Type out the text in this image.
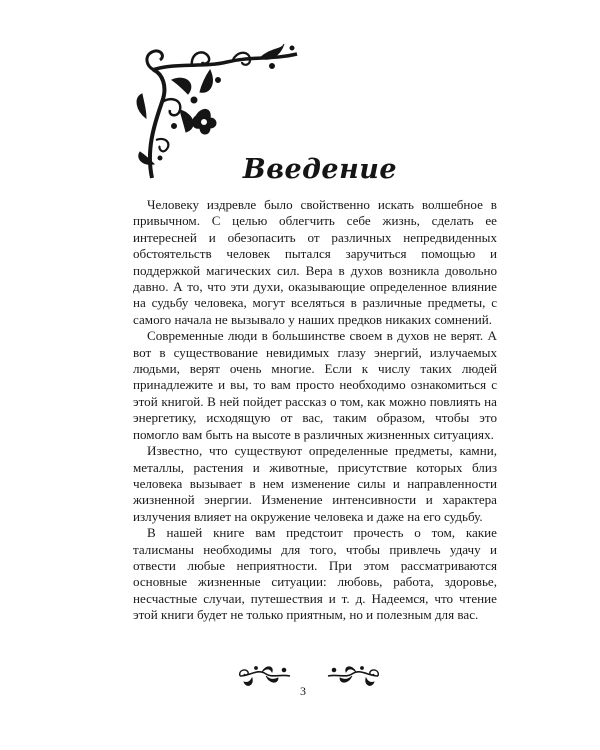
Введение

Человеку издревле было свойственно искать волшебное в привычном. С целью облегчить себе жизнь, сделать ее интересней и обезопасить от различных непредвиденных обстоятельств человек пытался заручиться помощью и поддержкой магических сил. Вера в духов возникла довольно давно. А то, что эти духи, оказывающие определенное влияние на судьбу человека, могут вселяться в различные предметы, с самого начала не вызывало у наших предков никаких сомнений.

Современные люди в большинстве своем в духов не верят. А вот в существование невидимых глазу энергий, излучаемых людьми, верят очень многие. Если к числу таких людей принадлежите и вы, то вам просто необходимо ознакомиться с этой книгой. В ней пойдет рассказ о том, как можно повлиять на энергетику, исходящую от вас, таким образом, чтобы это помогло вам быть на высоте в различных жизненных ситуациях.

Известно, что существуют определенные предметы, камни, металлы, растения и животные, присутствие которых близ человека вызывает в нем изменение силы и направленности жизненной энергии. Изменение интенсивности и характера излучения влияет на окружение человека и даже на его судьбу.

В нашей книге вам предстоит прочесть о том, какие талисманы необходимы для того, чтобы привлечь удачу и отвести любые неприятности. При этом рассматриваются основные жизненные ситуации: любовь, работа, здоровье, несчастные случаи, путешествия и т. д. Надеемся, что чтение этой книги будет не только приятным, но и полезным для вас.

3
